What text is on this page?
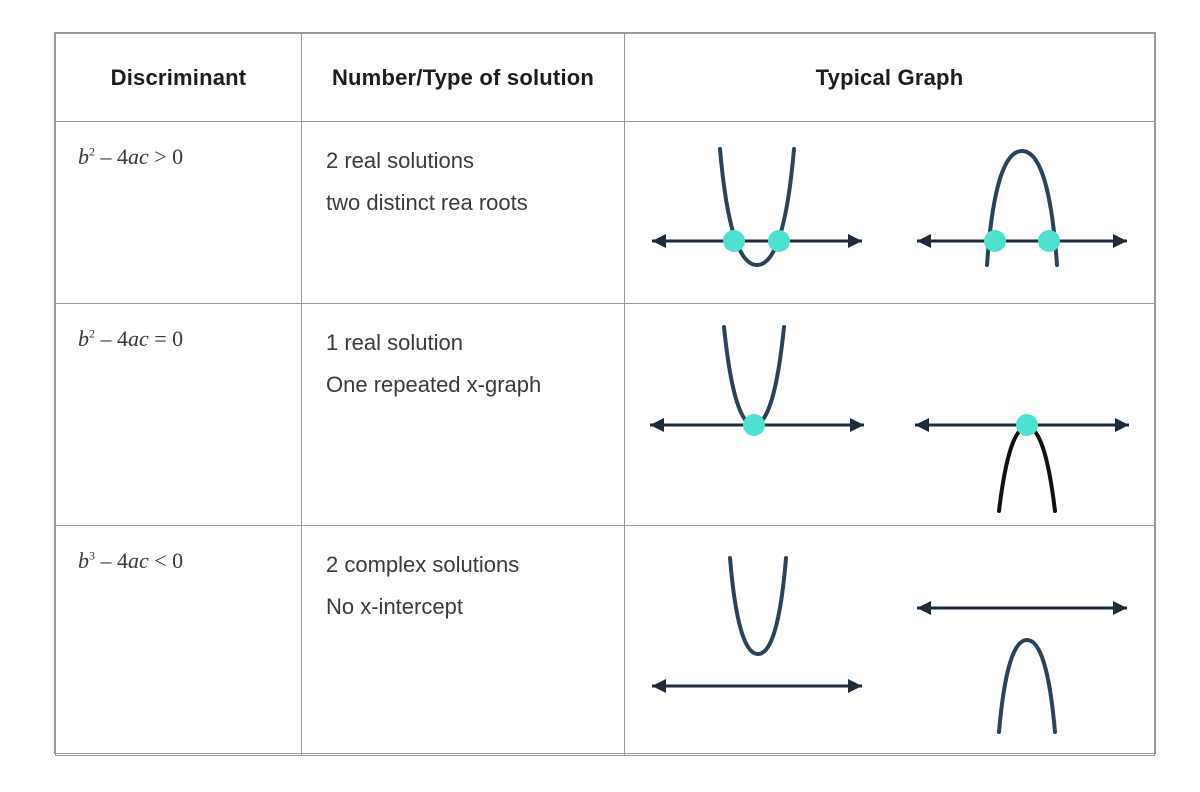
Discriminant	Number/Type of solution	Typical Graph
$b^2 - 4ac > 0$	2 real solutions
two distinct rea roots

$b^2 - 4ac = 0$	1 real solution
One repeated x-graph

$b^3 - 4ac < 0$	2 complex solutions
No x-intercept
